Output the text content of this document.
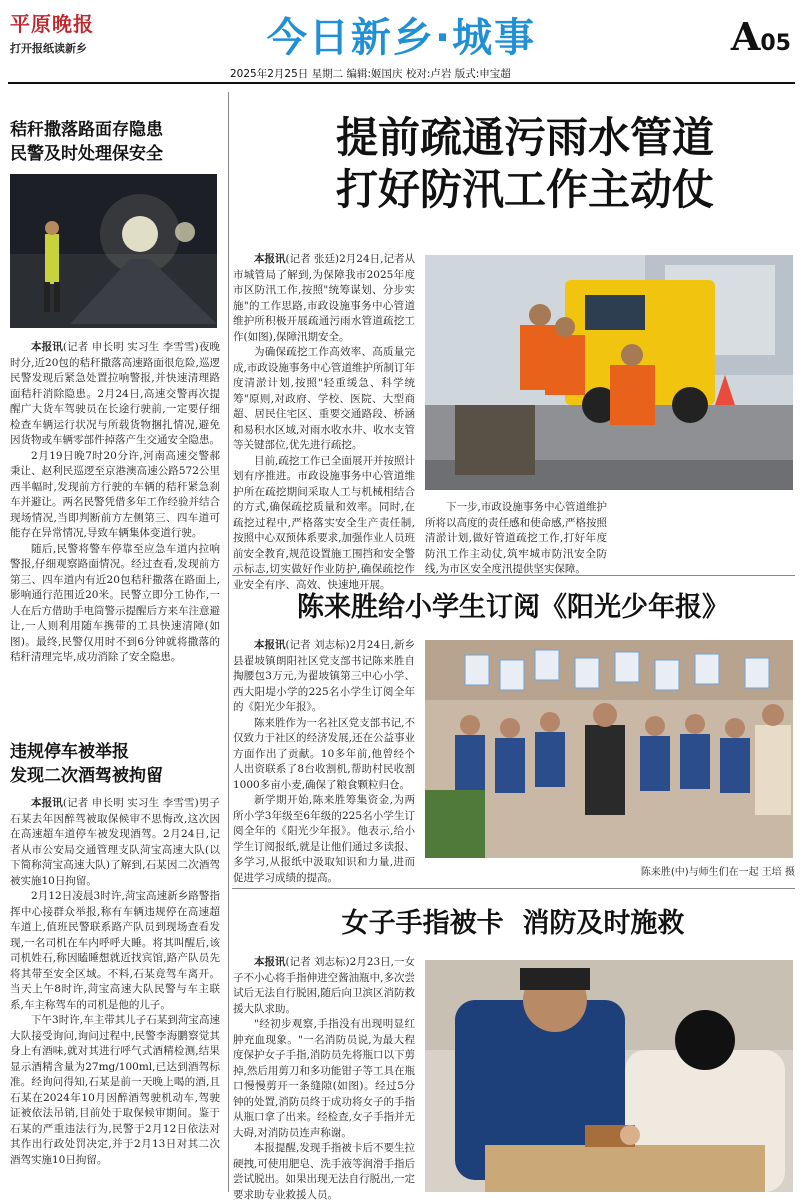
平原晚报
打开报纸读新乡	今日新乡·城事	A05
2025年2月25日 星期二 编辑:姬国庆 校对:卢岩 版式:申宝超
秸秆撒落路面存隐患
民警及时处理保安全

本报讯(记者 申长明 实习生 李雪雪)夜晚时分,近20包的秸秆撒落高速路面很危险,巡逻民警发现后紧急处置拉响警报,并快速清理路面秸秆消除隐患。2月24日,高速交警再次提醒广大货车驾驶员在长途行驶前,一定要仔细检查车辆运行状况与所载货物捆扎情况,避免因货物或车辆零部件掉落产生交通安全隐患。

2月19日晚7时20分许,河南高速交警郝秉让、赵利民巡逻至京港澳高速公路572公里西半幅时,发现前方行驶的车辆的秸秆紧急刹车并避让。两名民警凭借多年工作经验并结合现场情况,当即判断前方左侧第三、四车道可能存在异常情况,导致车辆集体变道行驶。

随后,民警将警车停靠至应急车道内拉响警报,仔细观察路面情况。经过查看,发现前方第三、四车道内有近20包秸秆撒落在路面上,影响通行范围近20米。民警立即分工协作,一人在后方借助手电筒警示提醒后方来车注意避让,一人则利用随车携带的工具快速清障(如图)。最终,民警仅用时不到6分钟就将撒落的秸秆清理完毕,成功消除了安全隐患。

违规停车被举报
发现二次酒驾被拘留

本报讯(记者 申长明 实习生 李雪雪)男子石某去年因醉驾被取保候审不思悔改,这次因在高速超车道停车被发现酒驾。2月24日,记者从市公安局交通管理支队菏宝高速大队(以下简称菏宝高速大队)了解到,石某因二次酒驾被实施10日拘留。

2月12日凌晨3时许,菏宝高速新乡路警指挥中心接群众举报,称有车辆违规停在高速超车道上,值班民警联系路产队员到现场查看发现,一名司机在车内呼呼大睡。将其叫醒后,该司机姓石,称因瞌睡想就近找宾馆,路产队员先将其带至安全区域。不料,石某竟驾车离开。当天上午8时许,菏宝高速大队民警与车主联系,车主称驾车的司机是他的儿子。

下午3时许,车主带其儿子石某到菏宝高速大队接受询问,询问过程中,民警李海鹏察觉其身上有酒味,就对其进行呼气式酒精检测,结果显示酒精含量为27mg/100ml,已达到酒驾标准。经询问得知,石某是前一天晚上喝的酒,且石某在2024年10月因醉酒驾驶机动车,驾驶证被依法吊销,目前处于取保候审期间。鉴于石某的严重违法行为,民警于2月12日依法对其作出行政处罚决定,并于2月13日对其二次酒驾实施10日拘留。

提前疏通污雨水管道
打好防汛工作主动仗

本报讯(记者 张廷)2月24日,记者从市城管局了解到,为保障我市2025年度市区防汛工作,按照"统筹谋划、分步实施"的工作思路,市政设施事务中心管道维护所积极开展疏通污雨水管道疏挖工作(如图),保障汛期安全。

为确保疏挖工作高效率、高质量完成,市政设施事务中心管道维护所制订年度清淤计划,按照"轻重缓急、科学统筹"原则,对政府、学校、医院、大型商超、居民住宅区、重要交通路段、桥涵和易积水区域,对雨水收水井、收水支管等关键部位,优先进行疏挖。

目前,疏挖工作已全面展开并按照计划有序推进。市政设施事务中心管道维护所在疏挖期间采取人工与机械相结合的方式,确保疏挖质量和效率。同时,在疏挖过程中,严格落实安全生产责任制,按照中心双预体系要求,加强作业人员班前安全教育,规范设置施工围挡和安全警示标志,切实做好作业防护,确保疏挖作业安全有序、高效、快速地开展。

下一步,市政设施事务中心管道维护所将以高度的责任感和使命感,严格按照清淤计划,做好管道疏挖工作,打好年度防汛工作主动仗,筑牢城市防汛安全防线,为市区安全度汛提供坚实保障。

陈来胜给小学生订阅《阳光少年报》

本报讯(记者 刘志标)2月24日,新乡县翟坡镇朗阳社区党支部书记陈来胜自掏腰包3万元,为翟坡镇第三中心小学、西大阳堤小学的225名小学生订阅全年的《阳光少年报》。

陈来胜作为一名社区党支部书记,不仅致力于社区的经济发展,还在公益事业方面作出了贡献。10多年前,他曾经个人出资联系了8台收割机,帮助村民收割1000多亩小麦,确保了粮食颗粒归仓。

新学期开始,陈来胜筹集资金,为两所小学3年级至6年级的225名小学生订阅全年的《阳光少年报》。他表示,给小学生订阅报纸,就是让他们通过多读报、多学习,从报纸中汲取知识和力量,进而促进学习成绩的提高。	陈来胜(中)与师生们在一起 王培 摄
女子手指被卡  消防及时施救

本报讯(记者 刘志标)2月23日,一女子不小心将手指伸进空酱油瓶中,多次尝试后无法自行脱困,随后向卫滨区消防救援大队求助。

"经初步观察,手指没有出现明显红肿充血现象。"一名消防员说,为最大程度保护女子手指,消防员先将瓶口以下剪掉,然后用剪刀和多功能钳子等工具在瓶口慢慢剪开一条缝隙(如图)。经过5分钟的处置,消防员终于成功将女子的手指从瓶口拿了出来。经检查,女子手指并无大碍,对消防员连声称谢。

本报提醒,发现手指被卡后不要生拉硬拽,可使用肥皂、洗手液等润滑手指后尝试脱出。如果出现无法自行脱出,一定要求助专业救援人员。
